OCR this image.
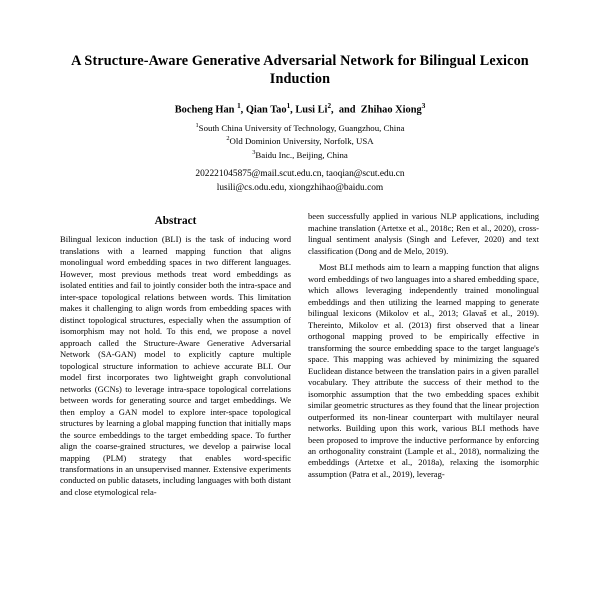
A Structure-Aware Generative Adversarial Network for Bilingual Lexicon Induction
Bocheng Han $^1$, Qian Tao$^1$, Lusi Li$^2$,  and  Zhihao Xiong$^3$
$^1$South China University of Technology, Guangzhou, China
$^2$Old Dominion University, Norfolk, USA
$^3$Baidu Inc., Beijing, China
202221045875@mail.scut.edu.cn, taoqian@scut.edu.cn
lusili@cs.odu.edu, xiongzhihao@baidu.com
Abstract

Bilingual lexicon induction (BLI) is the task of inducing word translations with a learned mapping function that aligns monolingual word embedding spaces in two different languages. However, most previous methods treat word embeddings as isolated entities and fail to jointly consider both the intra-space and inter-space topological relations between words. This limitation makes it challenging to align words from embedding spaces with distinct topological structures, especially when the assumption of isomorphism may not hold. To this end, we propose a novel approach called the Structure-Aware Generative Adversarial Network (SA-GAN) model to explicitly capture multiple topological structure information to achieve accurate BLI. Our model first incorporates two lightweight graph convolutional networks (GCNs) to leverage intra-space topological correlations between words for generating source and target embeddings. We then employ a GAN model to explore inter-space topological structures by learning a global mapping function that initially maps the source embeddings to the target embedding space. To further align the coarse-grained structures, we develop a pairwise local mapping (PLM) strategy that enables word-specific transformations in an unsupervised manner. Extensive experiments conducted on public datasets, including languages with both distant and close etymological rela-

been successfully applied in various NLP applications, including machine translation (Artetxe et al., 2018c; Ren et al., 2020), cross-lingual sentiment analysis (Singh and Lefever, 2020) and text classification (Dong and de Melo, 2019).

Most BLI methods aim to learn a mapping function that aligns word embeddings of two languages into a shared embedding space, which allows leveraging independently trained monolingual embeddings and then utilizing the learned mapping to generate bilingual lexicons (Mikolov et al., 2013; Glavaš et al., 2019). Thereinto, Mikolov et al. (2013) first observed that a linear orthogonal mapping proved to be empirically effective in transforming the source embedding space to the target language's space. This mapping was achieved by minimizing the squared Euclidean distance between the translation pairs in a given parallel vocabulary. They attribute the success of their method to the isomorphic assumption that the two embedding spaces exhibit similar geometric structures as they found that the linear projection outperformed its non-linear counterpart with multilayer neural networks. Building upon this work, various BLI methods have been proposed to improve the inductive performance by enforcing an orthogonality constraint (Lample et al., 2018), normalizing the embeddings (Artetxe et al., 2018a), relaxing the isomorphic assumption (Patra et al., 2019), leverag-
